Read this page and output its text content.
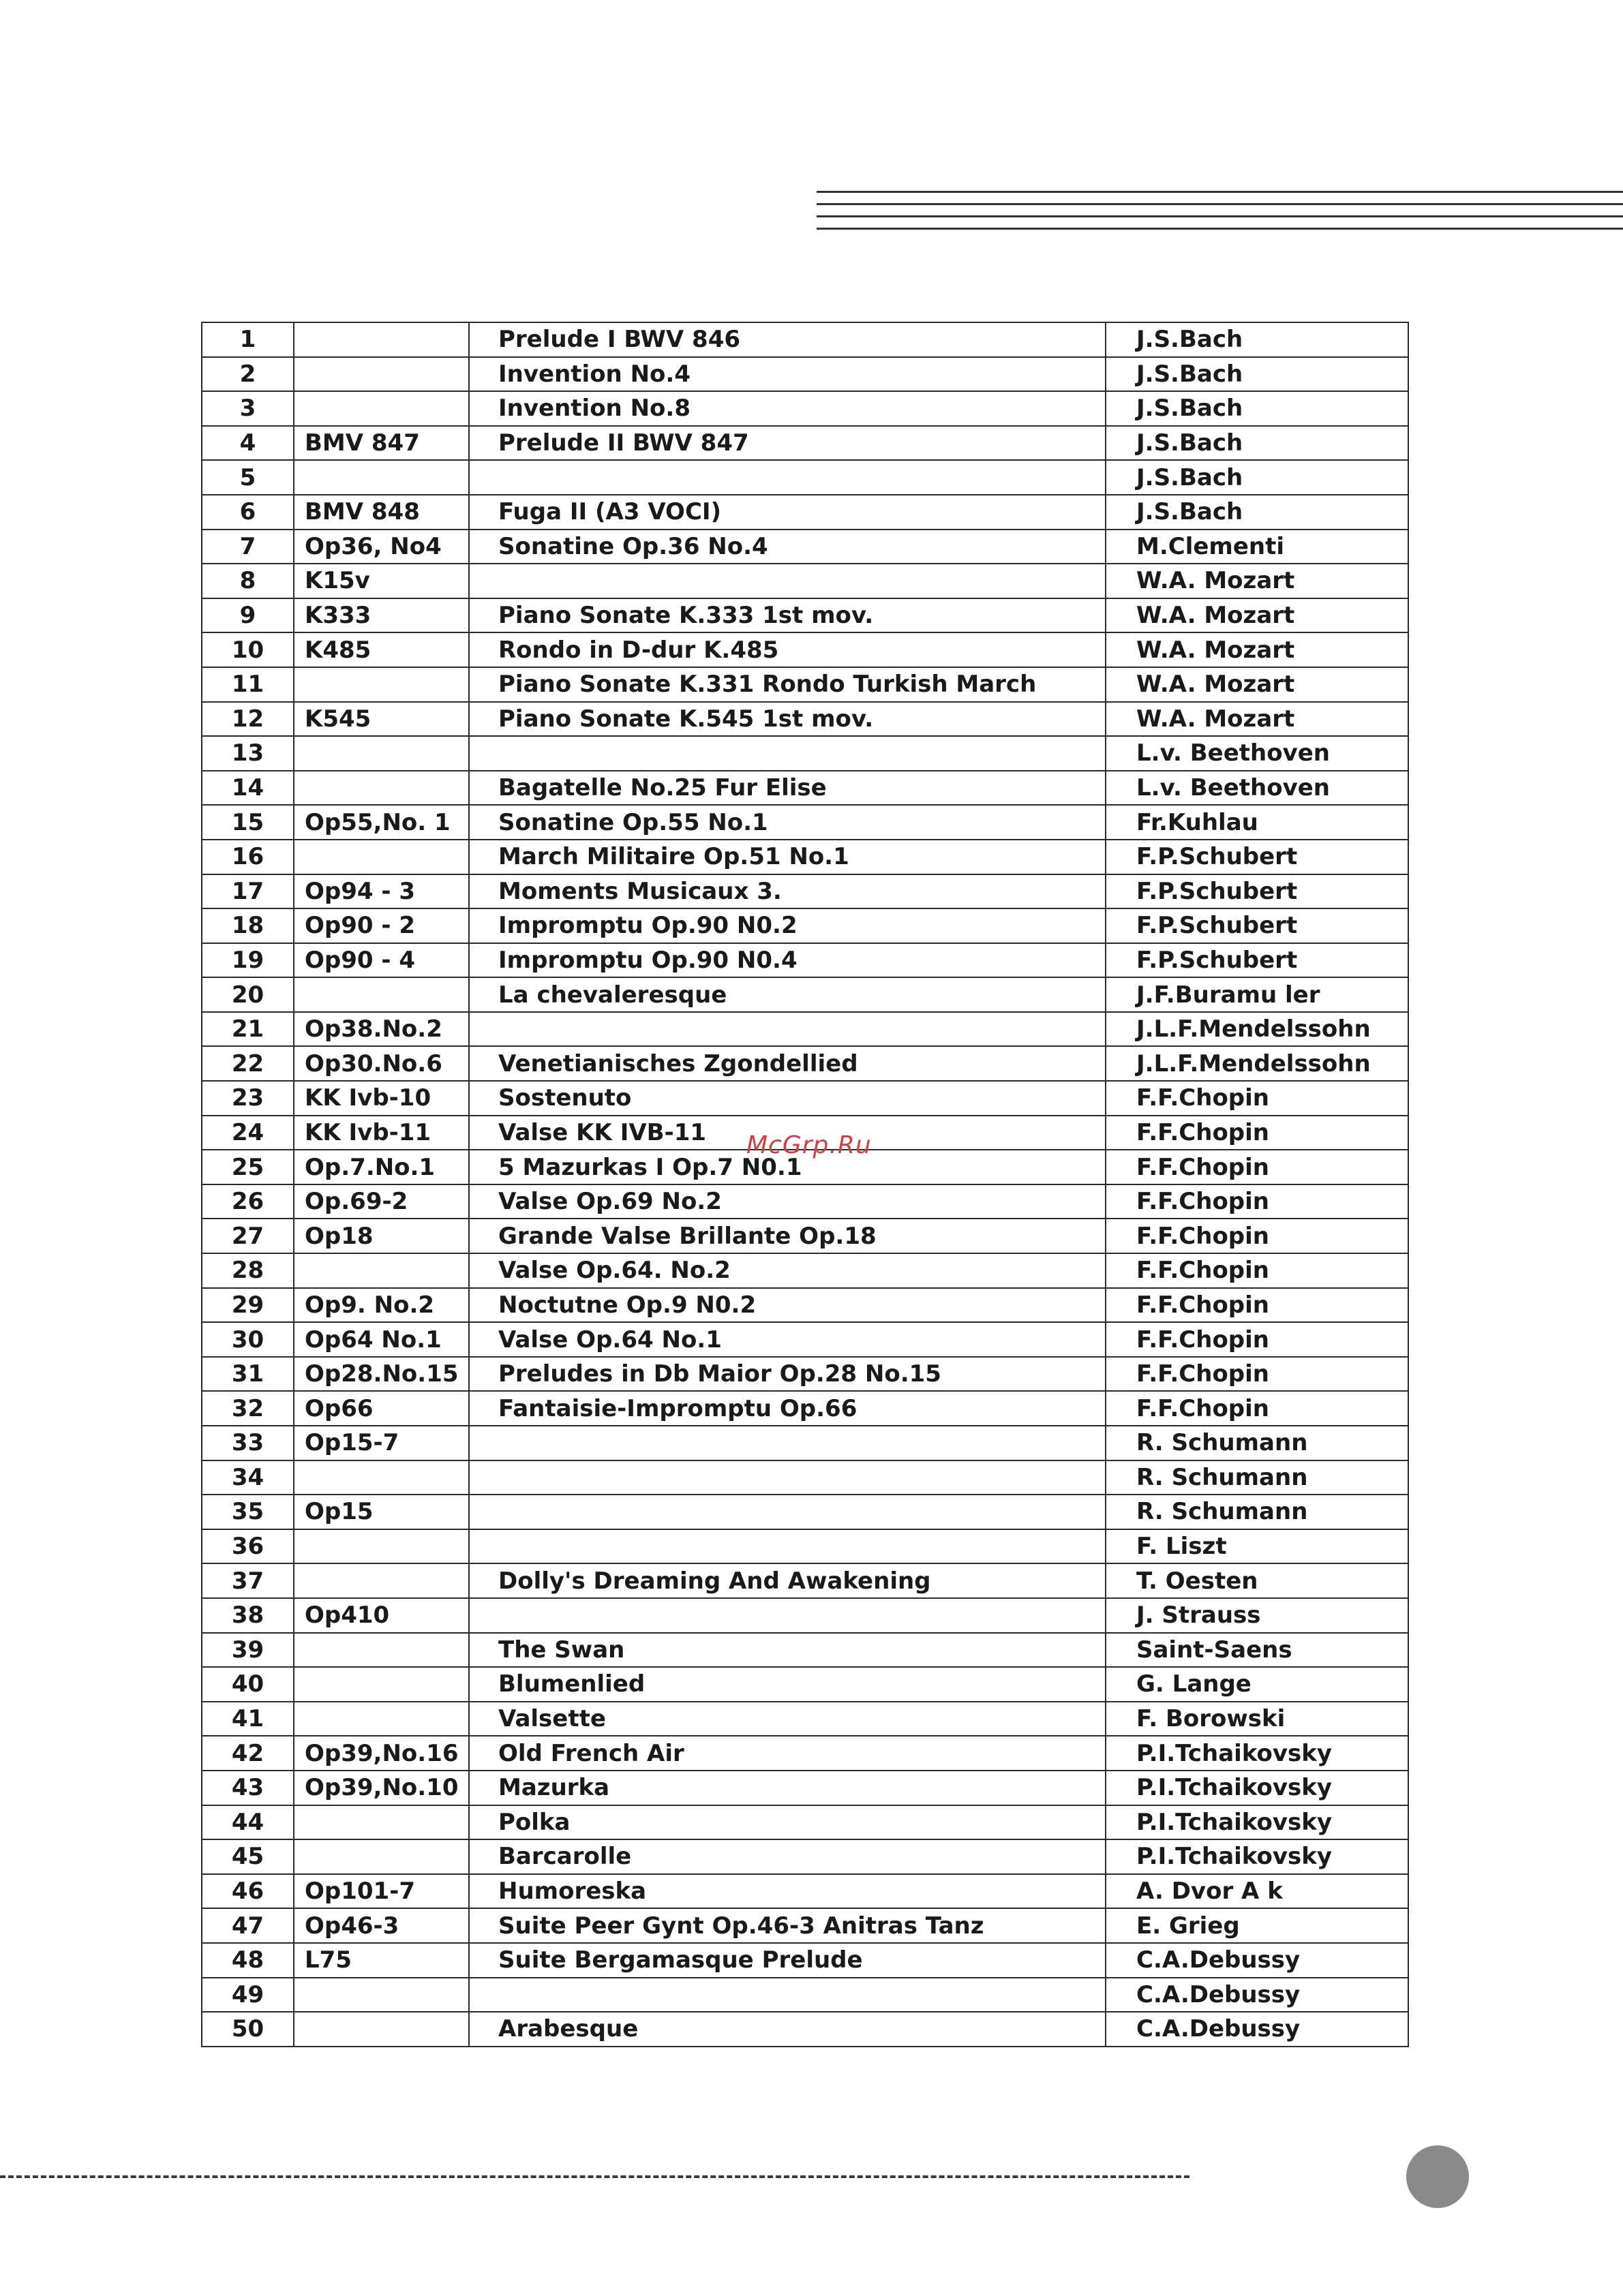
1		Prelude I BWV 846	J.S.Bach
2		Invention No.4	J.S.Bach
3		Invention No.8	J.S.Bach
4	BMV 847	Prelude II BWV 847	J.S.Bach
5			J.S.Bach
6	BMV 848	Fuga II (A3 VOCI)	J.S.Bach
7	Op36, No4	Sonatine Op.36 No.4	M.Clementi
8	K15v		W.A. Mozart
9	K333	Piano Sonate K.333 1st mov.	W.A. Mozart
10	K485	Rondo in D-dur K.485	W.A. Mozart
11		Piano Sonate K.331 Rondo Turkish March	W.A. Mozart
12	K545	Piano Sonate K.545 1st mov.	W.A. Mozart
13			L.v. Beethoven
14		Bagatelle No.25 Fur Elise	L.v. Beethoven
15	Op55,No. 1	Sonatine Op.55 No.1	Fr.Kuhlau
16		March Militaire Op.51 No.1	F.P.Schubert
17	Op94 - 3	Moments Musicaux 3.	F.P.Schubert
18	Op90 - 2	Impromptu Op.90 N0.2	F.P.Schubert
19	Op90 - 4	Impromptu Op.90 N0.4	F.P.Schubert
20		La chevaleresque	J.F.Buramu ler
21	Op38.No.2		J.L.F.Mendelssohn
22	Op30.No.6	Venetianisches Zgondellied	J.L.F.Mendelssohn
23	KK Ivb-10	Sostenuto	F.F.Chopin
24	KK Ivb-11	Valse KK IVB-11	F.F.Chopin
25	Op.7.No.1	5 Mazurkas I Op.7 N0.1	F.F.Chopin
26	Op.69-2	Valse Op.69 No.2	F.F.Chopin
27	Op18	Grande Valse Brillante Op.18	F.F.Chopin
28		Valse Op.64. No.2	F.F.Chopin
29	Op9. No.2	Noctutne Op.9 N0.2	F.F.Chopin
30	Op64 No.1	Valse Op.64 No.1	F.F.Chopin
31	Op28.No.15	Preludes in Db Maior Op.28 No.15	F.F.Chopin
32	Op66	Fantaisie-Impromptu Op.66	F.F.Chopin
33	Op15-7		R. Schumann
34			R. Schumann
35	Op15		R. Schumann
36			F. Liszt
37		Dolly's Dreaming And Awakening	T. Oesten
38	Op410		J. Strauss
39		The Swan	Saint-Saens
40		Blumenlied	G. Lange
41		Valsette	F. Borowski
42	Op39,No.16	Old French Air	P.I.Tchaikovsky
43	Op39,No.10	Mazurka	P.I.Tchaikovsky
44		Polka	P.I.Tchaikovsky
45		Barcarolle	P.I.Tchaikovsky
46	Op101-7	Humoreska	A. Dvor A k
47	Op46-3	Suite Peer Gynt Op.46-3 Anitras Tanz	E. Grieg
48	L75	Suite Bergamasque Prelude	C.A.Debussy
49			C.A.Debussy
50		Arabesque	C.A.Debussy
McGrp.Ru
